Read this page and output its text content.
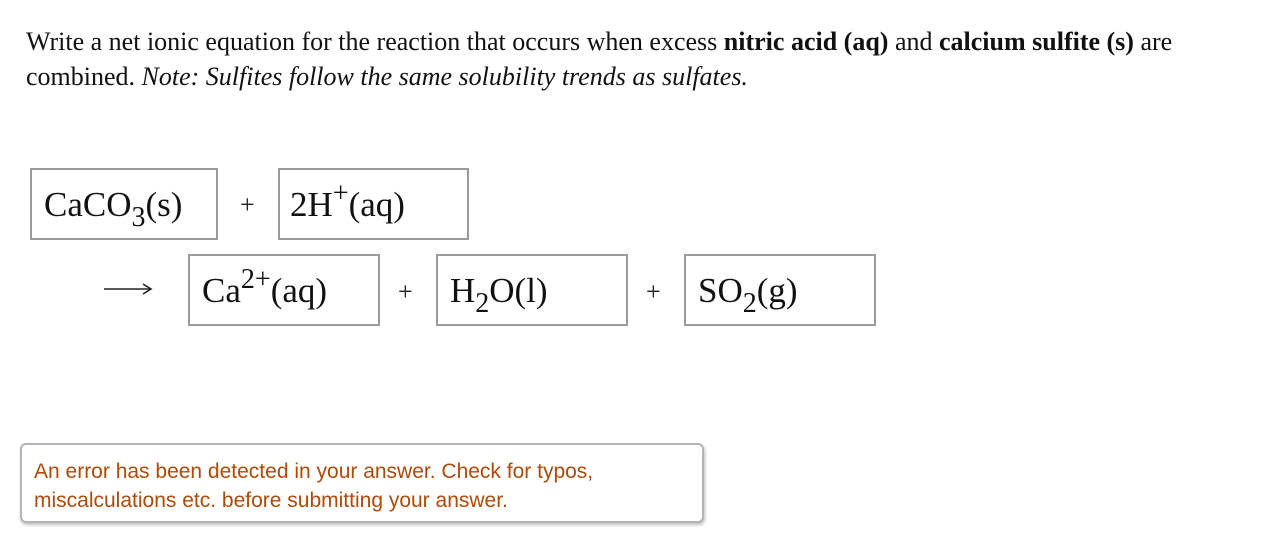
Write a net ionic equation for the reaction that occurs when excess nitric acid (aq) and calcium sulfite (s) are combined. Note: Sulfites follow the same solubility trends as sulfates.

CaCO$_3$(s)	+	2H+(aq)
$Ca^{2+}(aq)$	+	$H_2O(l)$	+	$SO_2(g)$

An error has been detected in your answer. Check for typos, miscalculations etc. before submitting your answer.
